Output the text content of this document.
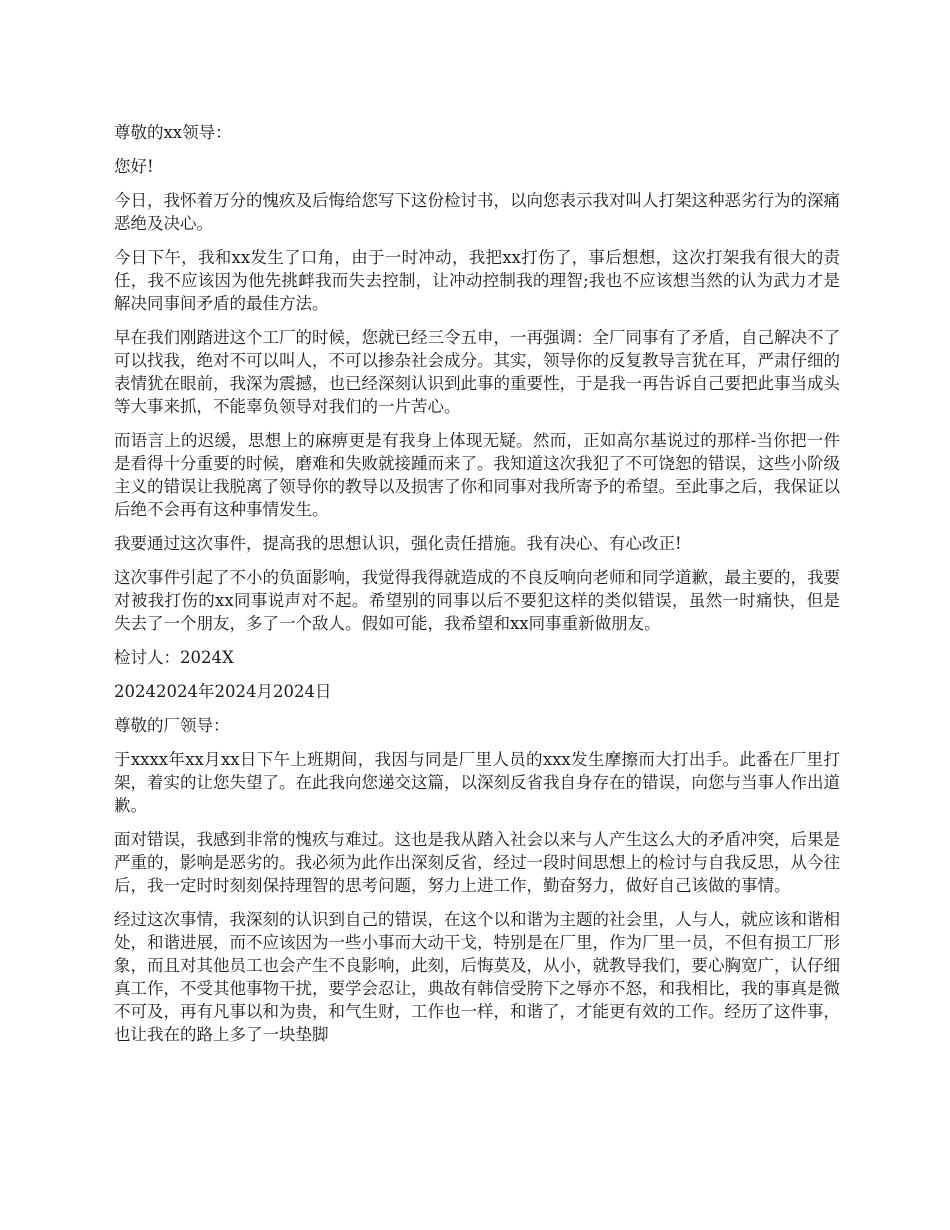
尊敬的xx领导：

您好!

今日，我怀着万分的愧疚及后悔给您写下这份检讨书，以向您表示我对叫人打架这种恶劣行为的深痛恶绝及决心。

今日下午，我和xx发生了口角，由于一时冲动，我把xx打伤了，事后想想，这次打架我有很大的责任，我不应该因为他先挑衅我而失去控制，让冲动控制我的理智;我也不应该想当然的认为武力才是解决同事间矛盾的最佳方法。

早在我们刚踏进这个工厂的时候，您就已经三令五申，一再强调：全厂同事有了矛盾，自己解决不了可以找我，绝对不可以叫人，不可以掺杂社会成分。其实，领导你的反复教导言犹在耳，严肃仔细的表情犹在眼前，我深为震撼，也已经深刻认识到此事的重要性，于是我一再告诉自己要把此事当成头等大事来抓，不能辜负领导对我们的一片苦心。

而语言上的迟缓，思想上的麻痹更是有我身上体现无疑。然而，正如高尔基说过的那样-当你把一件是看得十分重要的时候，磨难和失败就接踵而来了。我知道这次我犯了不可饶恕的错误，这些小阶级主义的错误让我脱离了领导你的教导以及损害了你和同事对我所寄予的希望。至此事之后，我保证以后绝不会再有这种事情发生。

我要通过这次事件，提高我的思想认识，强化责任措施。我有决心、有心改正!

这次事件引起了不小的负面影响，我觉得我得就造成的不良反响向老师和同学道歉，最主要的，我要对被我打伤的xx同事说声对不起。希望别的同事以后不要犯这样的类似错误，虽然一时痛快，但是失去了一个朋友，多了一个敌人。假如可能，我希望和xx同事重新做朋友。

检讨人：2024X

20242024年2024月2024日

尊敬的厂领导：

于xxxx年xx月xx日下午上班期间，我因与同是厂里人员的xxx发生摩擦而大打出手。此番在厂里打架，着实的让您失望了。在此我向您递交这篇，以深刻反省我自身存在的错误，向您与当事人作出道歉。

面对错误，我感到非常的愧疚与难过。这也是我从踏入社会以来与人产生这么大的矛盾冲突，后果是严重的，影响是恶劣的。我必须为此作出深刻反省，经过一段时间思想上的检讨与自我反思，从今往后，我一定时时刻刻保持理智的思考问题，努力上进工作，勤奋努力，做好自己该做的事情。

经过这次事情，我深刻的认识到自己的错误，在这个以和谐为主题的社会里，人与人，就应该和谐相处，和谐进展，而不应该因为一些小事而大动干戈，特别是在厂里，作为厂里一员，不但有损工厂形象，而且对其他员工也会产生不良影响，此刻，后悔莫及，从小，就教导我们，要心胸宽广，认仔细真工作，不受其他事物干扰，要学会忍让，典故有韩信受胯下之辱亦不怒，和我相比，我的事真是微不可及，再有凡事以和为贵，和气生财，工作也一样，和谐了，才能更有效的工作。经历了这件事，也让我在的路上多了一块垫脚
